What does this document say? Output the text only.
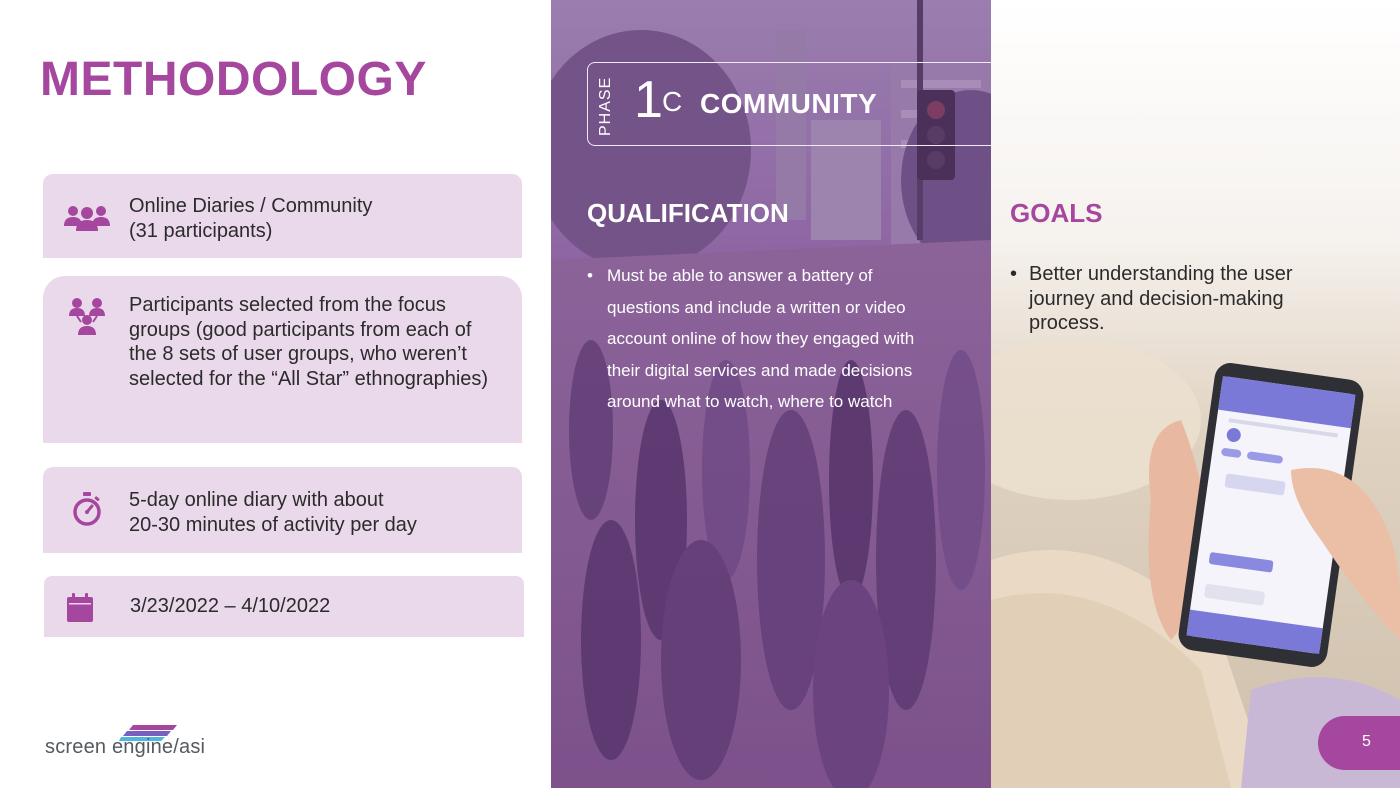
METHODOLOGY
Online Diaries / Community
(31 participants)
Participants selected from the focus
groups (good participants from each of
the 8 sets of user groups, who weren’t
selected for the “All Star” ethnographies)
5-day online diary with about
20-30 minutes of activity per day
3/23/2022 – 4/10/2022
screen engine/asi
PHASE 1 C COMMUNITY
QUALIFICATION
• Must be able to answer a battery of
questions and include a written or video
account online of how they engaged with
their digital services and made decisions
around what to watch, where to watch
GOALS
• Better understanding the user
journey and decision-making
process.
5
